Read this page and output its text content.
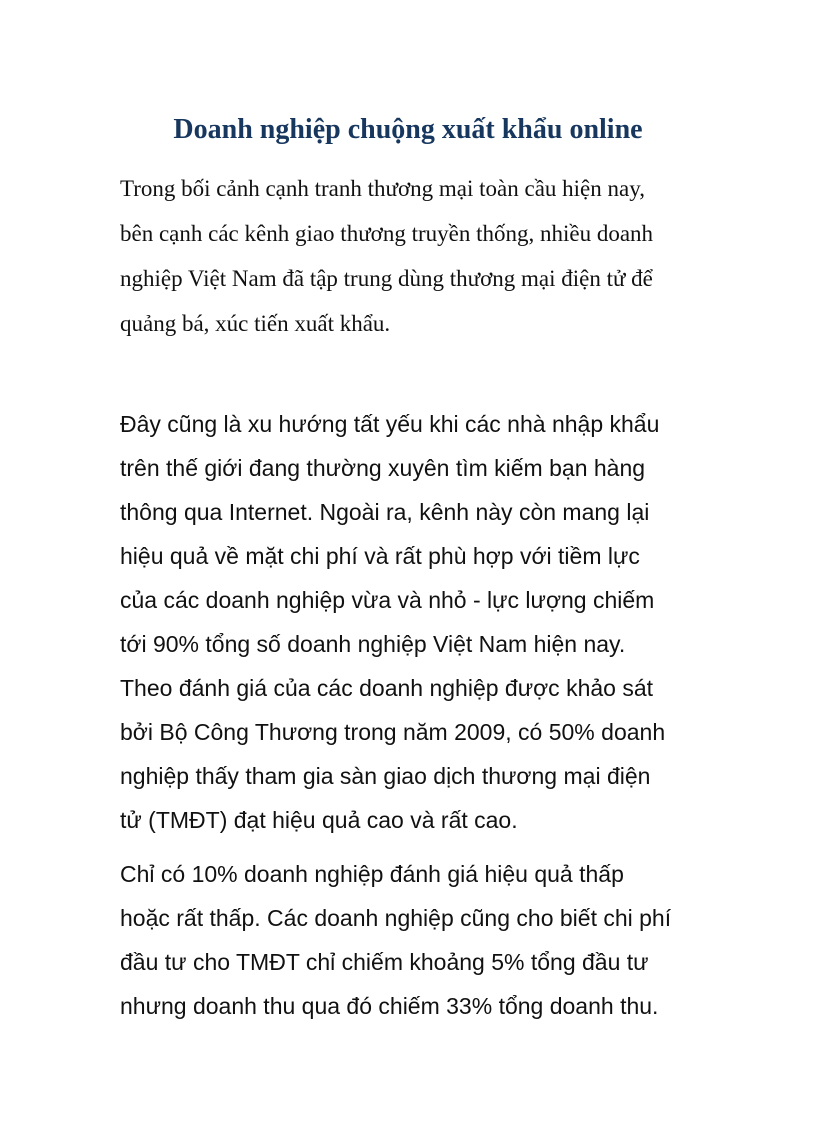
Doanh nghiệp chuộng xuất khẩu online

Trong bối cảnh cạnh tranh thương mại toàn cầu hiện nay,
bên cạnh các kênh giao thương truyền thống, nhiều doanh
nghiệp Việt Nam đã tập trung dùng thương mại điện tử để
quảng bá, xúc tiến xuất khẩu.

Đây cũng là xu hướng tất yếu khi các nhà nhập khẩu
trên thế giới đang thường xuyên tìm kiếm bạn hàng
thông qua Internet. Ngoài ra, kênh này còn mang lại
hiệu quả về mặt chi phí và rất phù hợp với tiềm lực
của các doanh nghiệp vừa và nhỏ - lực lượng chiếm
tới 90% tổng số doanh nghiệp Việt Nam hiện nay.
Theo đánh giá của các doanh nghiệp được khảo sát
bởi Bộ Công Thương trong năm 2009, có 50% doanh
nghiệp thấy tham gia sàn giao dịch thương mại điện
tử (TMĐT) đạt hiệu quả cao và rất cao.

Chỉ có 10% doanh nghiệp đánh giá hiệu quả thấp
hoặc rất thấp. Các doanh nghiệp cũng cho biết chi phí
đầu tư cho TMĐT chỉ chiếm khoảng 5% tổng đầu tư
nhưng doanh thu qua đó chiếm 33% tổng doanh thu.
